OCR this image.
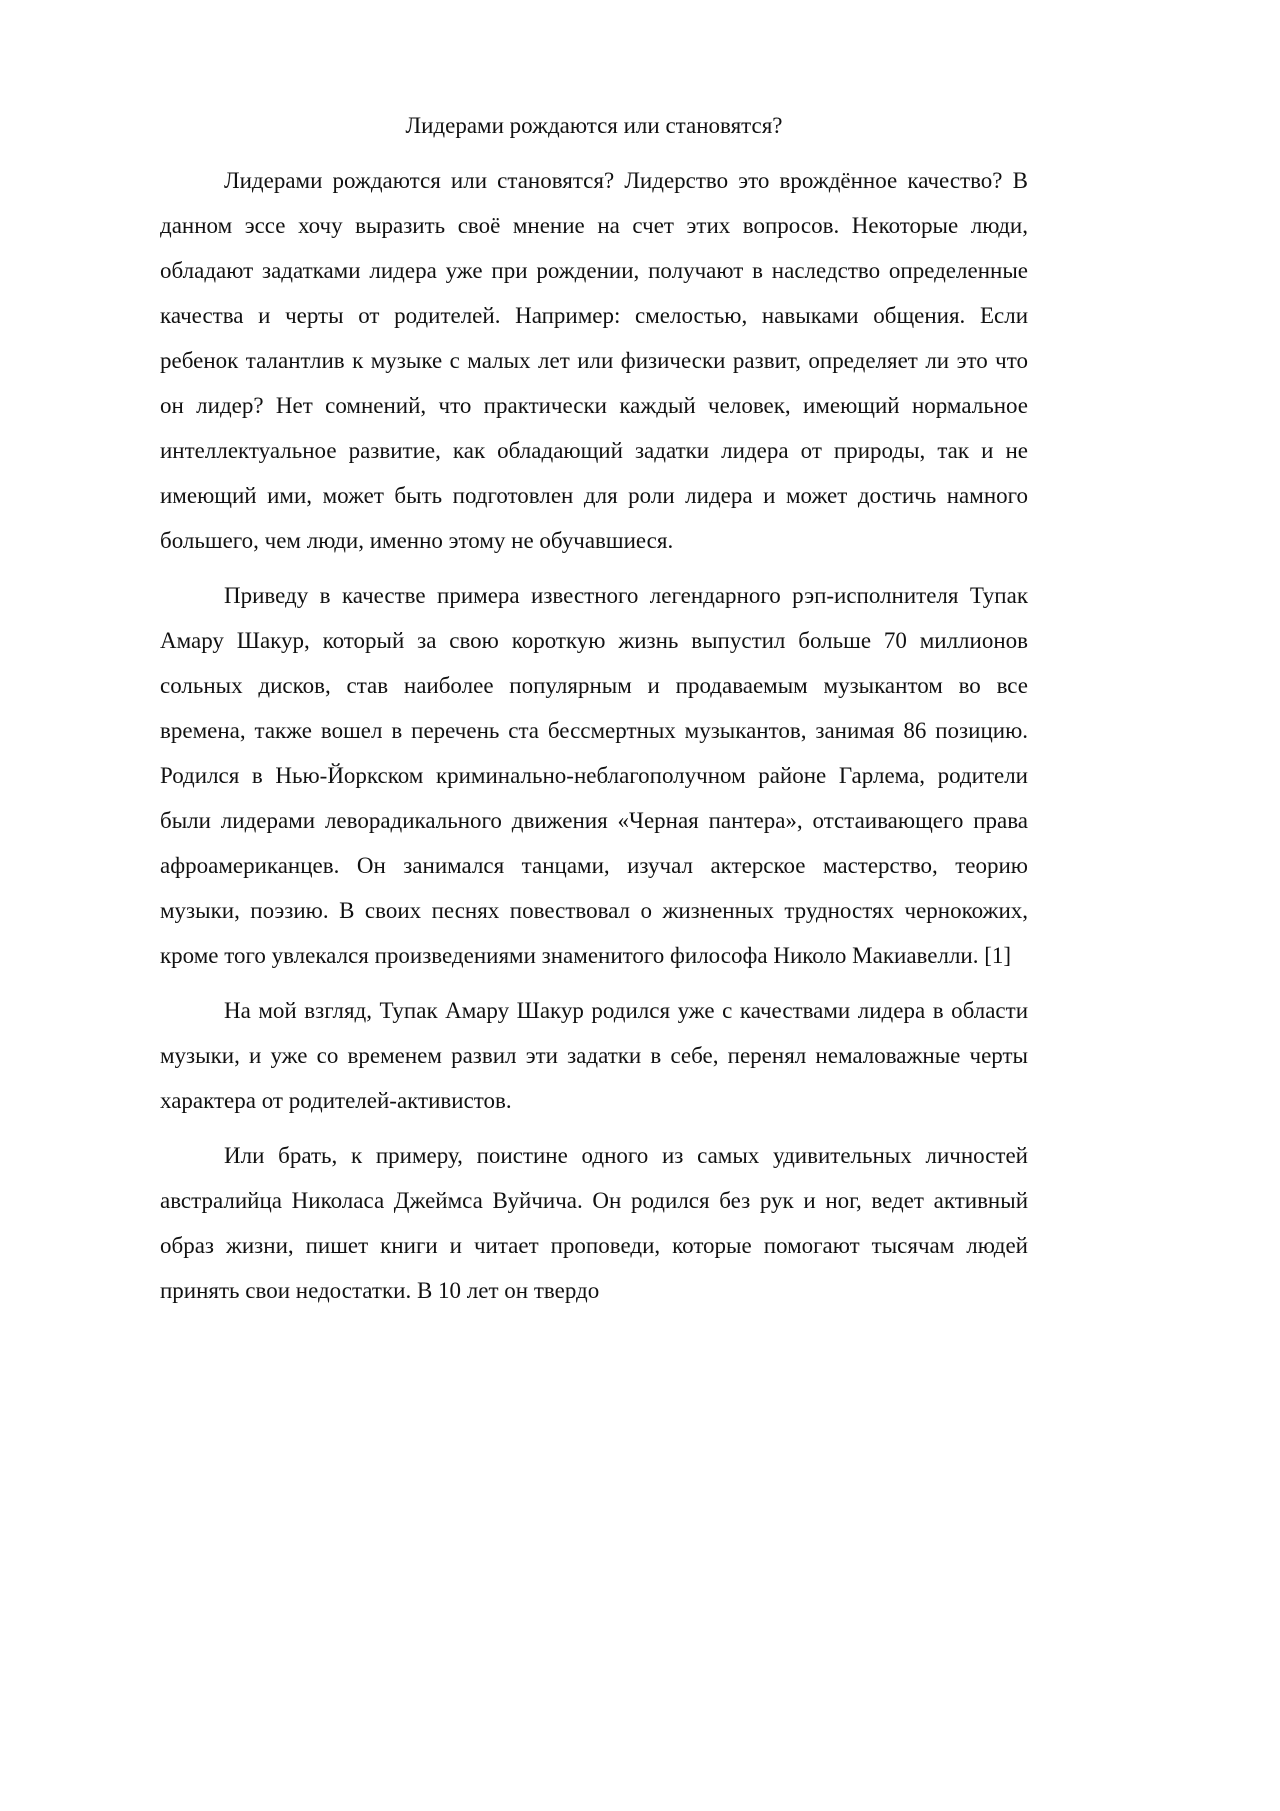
Лидерами рождаются или становятся?

Лидерами рождаются или становятся? Лидерство это врождённое качество? В данном эссе хочу выразить своё мнение на счет этих вопросов. Некоторые люди, обладают задатками лидера уже при рождении, получают в наследство определенные качества и черты от родителей. Например: смелостью, навыками общения. Если ребенок талантлив к музыке с малых лет или физически развит, определяет ли это что он лидер? Нет сомнений, что практически каждый человек, имеющий нормальное интеллектуальное развитие, как обладающий задатки лидера от природы, так и не имеющий ими, может быть подготовлен для роли лидера и может достичь намного большего, чем люди, именно этому не обучавшиеся.

Приведу в качестве примера известного легендарного рэп-исполнителя Тупак Амару Шакур, который за свою короткую жизнь выпустил больше 70 миллионов сольных дисков, став наиболее популярным и продаваемым музыкантом во все времена, также вошел в перечень ста бессмертных музыкантов, занимая 86 позицию. Родился в Нью-Йоркском криминально-неблагополучном районе Гарлема, родители были лидерами леворадикального движения «Черная пантера», отстаивающего права афроамериканцев. Он занимался танцами, изучал актерское мастерство, теорию музыки, поэзию. В своих песнях повествовал о жизненных трудностях чернокожих, кроме того увлекался произведениями знаменитого философа Николо Макиавелли. [1]

На мой взгляд, Тупак Амару Шакур родился уже с качествами лидера в области музыки, и уже со временем развил эти задатки в себе, перенял немаловажные черты характера от родителей-активистов.

Или брать, к примеру, поистине одного из самых удивительных личностей австралийца Николаса Джеймса Вуйчича. Он родился без рук и ног, ведет активный образ жизни, пишет книги и читает проповеди, которые помогают тысячам людей принять свои недостатки. В 10 лет он твердо
